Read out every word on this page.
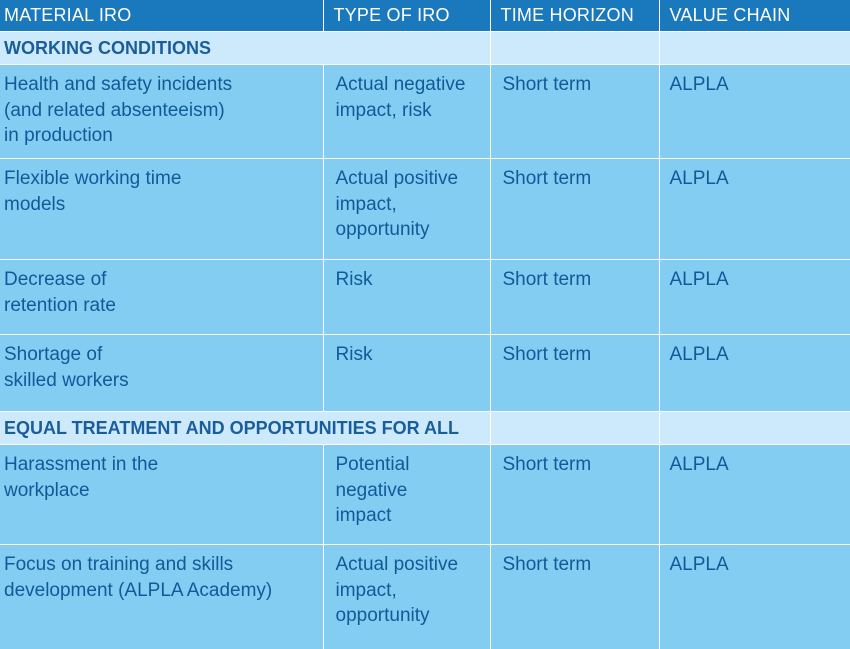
MATERIAL IRO	TYPE OF IRO	TIME HORIZON	VALUE CHAIN
WORKING CONDITIONS			

Health and safety incidents
(and related absenteeism)
in production	Actual negative
impact, risk	Short term	ALPLA

Flexible working time
models	Actual positive
impact,
opportunity	Short term	ALPLA

Decrease of
retention rate	Risk	Short term	ALPLA

Shortage of
skilled workers	Risk	Short term	ALPLA
EQUAL TREATMENT AND OPPORTUNITIES FOR ALL			

Harassment in the
workplace	Potential
negative
impact	Short term	ALPLA

Focus on training and skills
development (ALPLA Academy)	Actual positive
impact,
opportunity	Short term	ALPLA
